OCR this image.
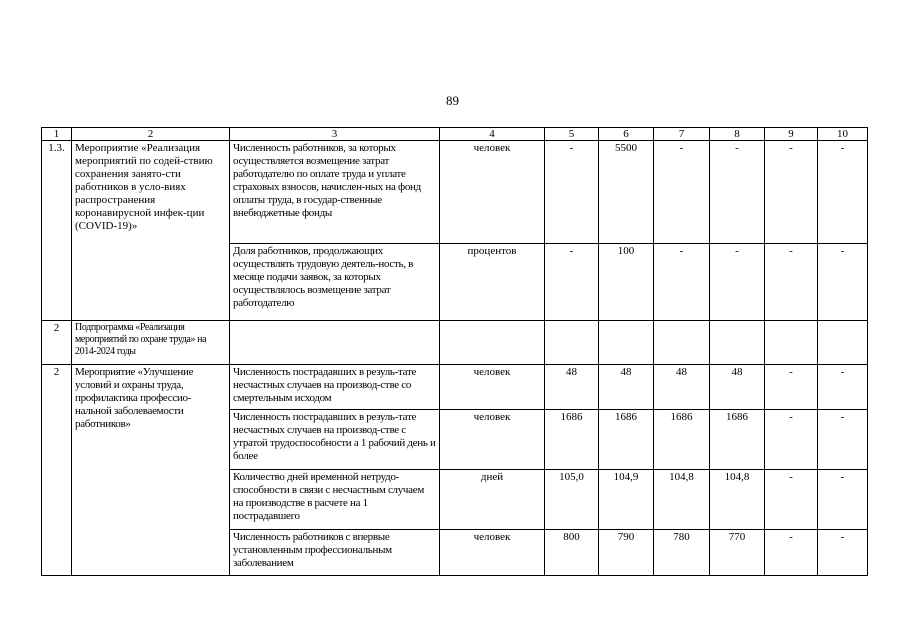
89
1	2	3	4	5	6	7	8	9	10
1.3.	Мероприятие «Реализация мероприятий по содей-ствию сохранения занято-сти работников в усло-виях распространения коронавирусной инфек-ции (COVID-19)»	Численность работников, за которых осуществляется возмещение затрат работодателю по оплате труда и уплате страховых взносов, начислен-ных на фонд оплаты труда, в государ-ственные внебюджетные фонды	человек	-	5500	-	-	-	-
		Доля работников, продолжающих осуществлять трудовую деятель-ность, в месяце подачи заявок, за которых осуществлялось возмещение затрат работодателю	процентов	-	100	-	-	-	-
2	Подпрограмма «Реализация мероприятий по охране труда» на 2014-2024 годы								
2	Мероприятие «Улучшение условий и охраны труда, профилактика профессио-нальной заболеваемости работников»	Численность пострадавших в резуль-тате несчастных случаев на производ-стве со смертельным исходом	человек	48	48	48	48	-	-
		Численность пострадавших в резуль-тате несчастных случаев на производ-стве с утратой трудоспособности а 1 рабочий день и более	человек	1686	1686	1686	1686	-	-
		Количество дней временной нетрудо-способности в связи с несчастным случаем на производстве в расчете на 1 пострадавшего	дней	105,0	104,9	104,8	104,8	-	-
		Численность работников с впервые установленным профессиональным заболеванием	человек	800	790	780	770	-	-
